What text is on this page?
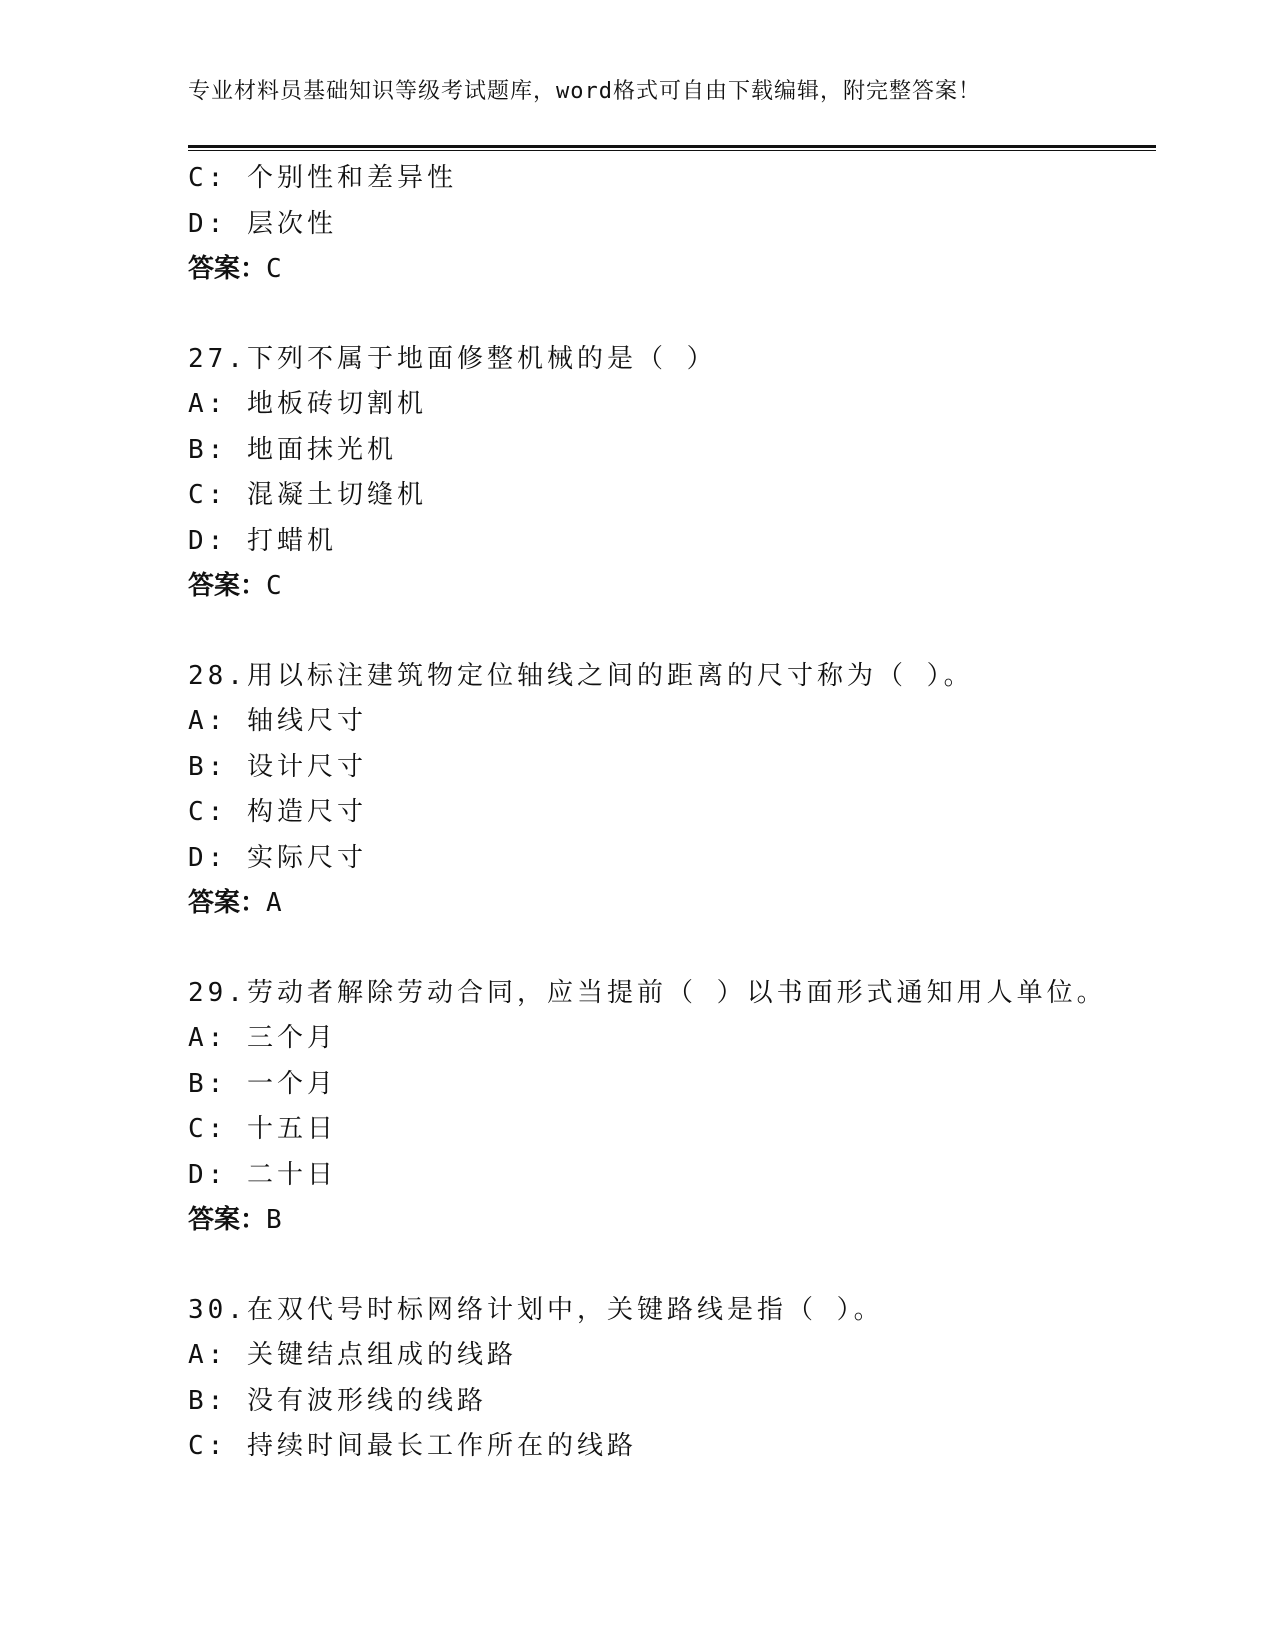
专业材料员基础知识等级考试题库，word格式可自由下载编辑，附完整答案！
C: 个别性和差异性
D: 层次性
答案：C
27.下列不属于地面修整机械的是（ ）
A: 地板砖切割机
B: 地面抹光机
C: 混凝土切缝机
D: 打蜡机
答案：C
28.用以标注建筑物定位轴线之间的距离的尺寸称为（ ）。
A: 轴线尺寸
B: 设计尺寸
C: 构造尺寸
D: 实际尺寸
答案：A
29.劳动者解除劳动合同，应当提前（ ）以书面形式通知用人单位。
A: 三个月
B: 一个月
C: 十五日
D: 二十日
答案：B
30.在双代号时标网络计划中，关键路线是指（ ）。
A: 关键结点组成的线路
B: 没有波形线的线路
C: 持续时间最长工作所在的线路
